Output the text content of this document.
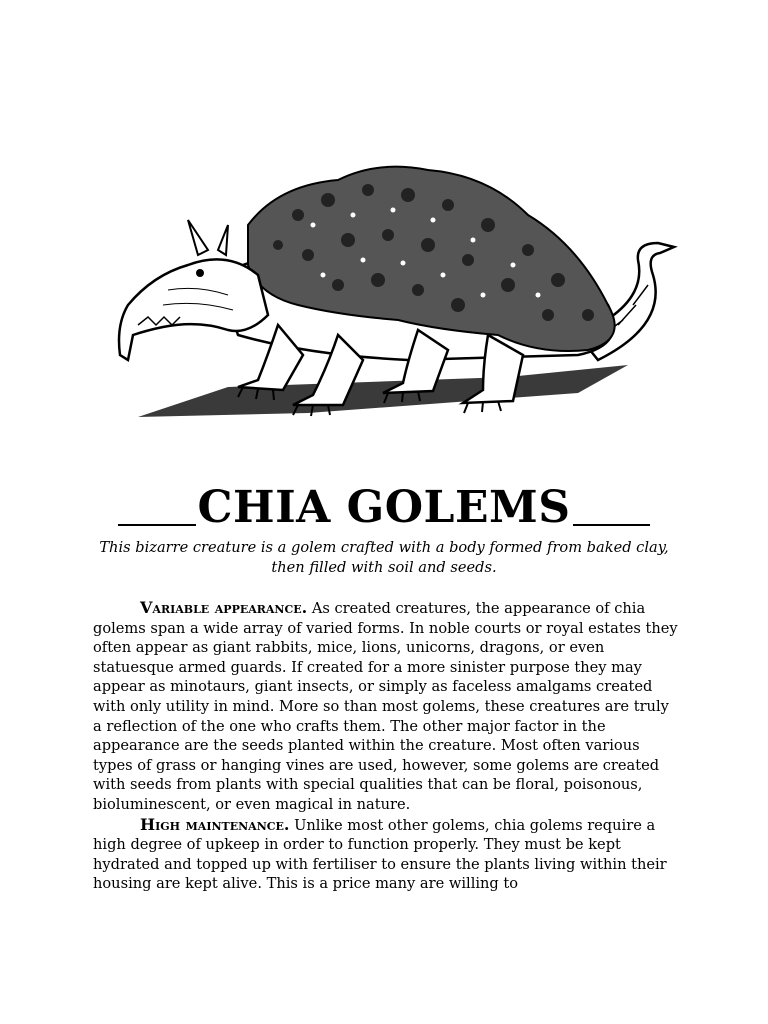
CHIA GOLEMS
This bizarre creature is a golem crafted with a body formed from baked clay, then filled with soil and seeds.

Variable appearance. As created creatures, the appearance of chia golems span a wide array of varied forms. In noble courts or royal estates they often appear as giant rabbits, mice, lions, unicorns, dragons, or even statuesque armed guards. If created for a more sinister purpose they may appear as minotaurs, giant insects, or simply as faceless amalgams created with only utility in mind. More so than most golems, these creatures are truly a reflection of the one who crafts them. The other major factor in the appearance are the seeds planted within the creature. Most often various types of grass or hanging vines are used, however, some golems are created with seeds from plants with special qualities that can be floral, poisonous, bioluminescent, or even magical in nature.

High maintenance. Unlike most other golems, chia golems require a high degree of upkeep in order to function properly. They must be kept hydrated and topped up with fertiliser to ensure the plants living within their housing are kept alive. This is a price many are willing to
